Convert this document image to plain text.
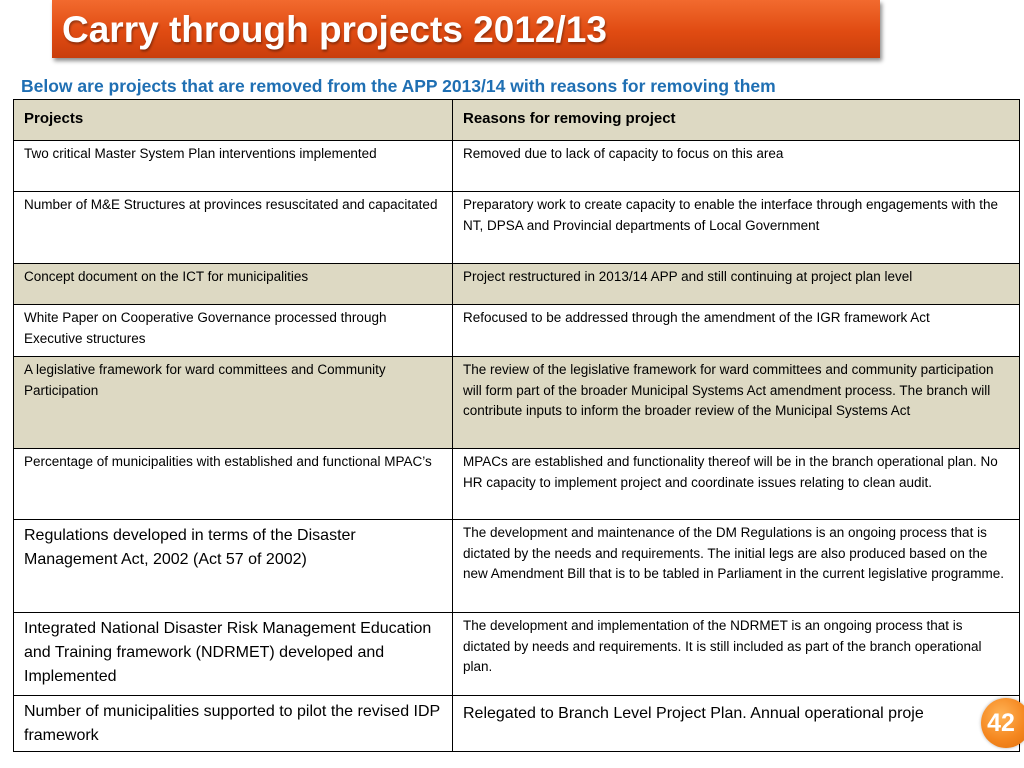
Carry through projects 2012/13
Below are projects that are removed from the APP 2013/14 with reasons for removing them
Projects	Reasons for removing project
Two critical Master System Plan interventions implemented	Removed due to lack of capacity to focus on this area
Number of M&E Structures at provinces resuscitated and capacitated	Preparatory work to create capacity to enable the interface through engagements with the NT, DPSA and Provincial departments of Local Government
Concept document on the ICT for municipalities	Project restructured in 2013/14 APP and still continuing at project plan level
White Paper on Cooperative Governance processed through Executive structures	Refocused to be addressed through the amendment of the IGR framework Act
A legislative framework for ward committees and Community Participation	The review of the legislative framework for ward committees and community participation will form part of the broader Municipal Systems Act amendment process. The branch will contribute inputs to inform the broader review of the Municipal Systems Act
Percentage of municipalities with established and functional MPAC’s	MPACs are established and functionality thereof will be in the branch operational plan. No HR capacity to implement project and coordinate issues relating to clean audit.
Regulations developed in terms of the Disaster Management Act, 2002 (Act 57 of 2002)	The development and maintenance of the DM Regulations is an ongoing process that is dictated by the needs and requirements. The initial legs are also produced based on the new Amendment Bill that is to be tabled in Parliament in the current legislative programme.
Integrated National Disaster Risk Management Education and Training framework (NDRMET) developed and Implemented	The development and implementation of the NDRMET is an ongoing process that is dictated by needs and requirements. It is still included as part of the branch operational plan.
Number of municipalities supported to pilot the revised IDP framework	Relegated to Branch Level Project Plan. Annual operational proje	42
